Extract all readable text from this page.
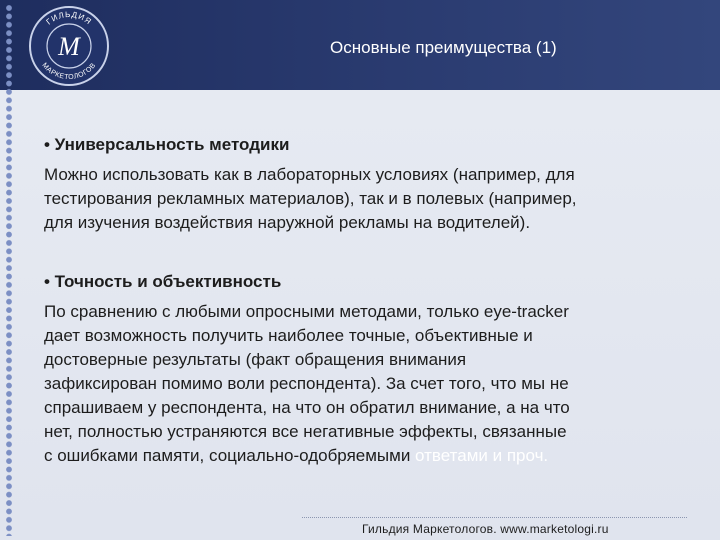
ГИЛЬДИЯ
МАРКЕТОЛОГОВ
M	Основные преимущества (1)
• Универсальность методики
Можно использовать как в лабораторных условиях (например, для
тестирования рекламных материалов), так и в полевых (например,
для изучения воздействия наружной рекламы на водителей).
• Точность и объективность
По сравнению с любыми опросными методами, только eye-tracker
дает возможность получить наиболее точные, объективные и
достоверные результаты (факт обращения внимания
зафиксирован помимо воли респондента). За счет того, что мы не
спрашиваем у респондента, на что он обратил внимание, а на что
нет, полностью устраняются все негативные эффекты, связанные
с ошибками памяти, социально-одобряемыми ответами и проч.
Гильдия Маркетологов. www.marketologi.ru
